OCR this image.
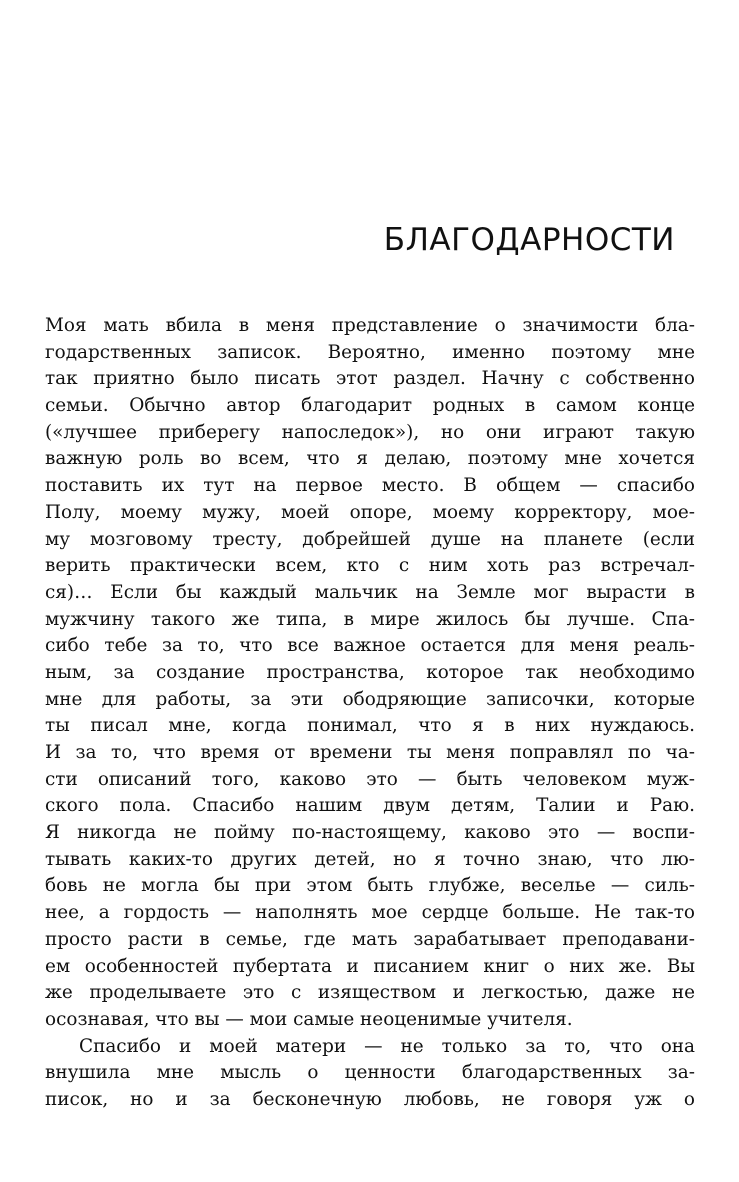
БЛАГОДАРНОСТИ
Моя мать вбила в меня представление о значимости бла-
годарственных записок. Вероятно, именно поэтому мне
так приятно было писать этот раздел. Начну с собственно
семьи. Обычно автор благодарит родных в самом конце
(«лучшее приберегу напоследок»), но они играют такую
важную роль во всем, что я делаю, поэтому мне хочется
поставить их тут на первое место. В общем — спасибо
Полу, моему мужу, моей опоре, моему корректору, мое-
му мозговому тресту, добрейшей душе на планете (если
верить практически всем, кто с ним хоть раз встречал-
ся)… Если бы каждый мальчик на Земле мог вырасти в
мужчину такого же типа, в мире жилось бы лучше. Спа-
сибо тебе за то, что все важное остается для меня реаль-
ным, за создание пространства, которое так необходимо
мне для работы, за эти ободряющие записочки, которые
ты писал мне, когда понимал, что я в них нуждаюсь.
И за то, что время от времени ты меня поправлял по ча-
сти описаний того, каково это — быть человеком муж-
ского пола. Спасибо нашим двум детям, Талии и Раю.
Я никогда не пойму по-настоящему, каково это — воспи-
тывать каких-то других детей, но я точно знаю, что лю-
бовь не могла бы при этом быть глубже, веселье — силь-
нее, а гордость — наполнять мое сердце больше. Не так-то
просто расти в семье, где мать зарабатывает преподавани-
ем особенностей пубертата и писанием книг о них же. Вы
же проделываете это с изяществом и легкостью, даже не
осознавая, что вы — мои самые неоценимые учителя.
Спасибо и моей матери — не только за то, что она
внушила мне мысль о ценности благодарственных за-
писок, но и за бесконечную любовь, не говоря уж о
